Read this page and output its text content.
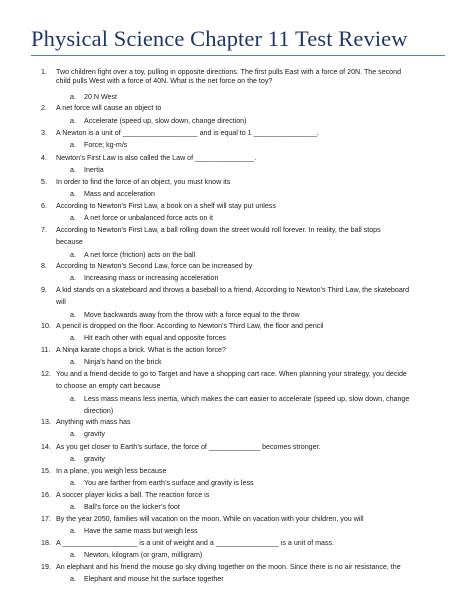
Physical Science Chapter 11 Test Review
1. Two children fight over a toy, pulling in opposite directions. The first pulls East with a force of 20N. The second
child pulls West with a force of 40N. What is the net force on the toy?
a. 20 N West
2. A net force will cause an object to
a. Accelerate (speed up, slow down, change direction)
3. A Newton is a unit of ___________________ and is equal to 1 ________________.
a. Force; kg-m/s
4. Newton’s First Law is also called the Law of _______________.
a. Inertia
5. In order to find the force of an object, you must know its
a. Mass and acceleration
6. According to Newton’s First Law, a book on a shelf will stay put unless
a. A net force or unbalanced force acts on it
7. According to Newton’s First Law, a ball rolling down the street would roll forever. In reality, the ball stops
because
a. A net force (friction) acts on the ball
8. According to Newton’s Second Law, force can be increased by
a. Increasing mass or increasing acceleration
9. A kid stands on a skateboard and throws a baseball to a friend. According to Newton’s Third Law, the skateboard
will
a. Move backwards away from the throw with a force equal to the throw
10. A pencil is dropped on the floor. According to Newton’s Third Law, the floor and pencil
a. Hit each other with equal and opposite forces
11. A Ninja karate chops a brick. What is the action force?
a. Ninja’s hand on the brick
12. You and a friend decide to go to Target and have a shopping cart race. When planning your strategy, you decide
to choose an empty cart because
a. Less mass means less inertia, which makes the cart easier to accelerate (speed up, slow down, change
direction)
13. Anything with mass has
a. gravity
14. As you get closer to Earth’s surface, the force of _____________ becomes stronger.
a. gravity
15. In a plane, you weigh less because
a. You are farther from earth’s surface and gravity is less
16. A soccer player kicks a ball. The reaction force is
a. Ball’s force on the kicker’s foot
17. By the year 2050, families will vacation on the moon. While on vacation with your children, you will
a. Have the same mass but weigh less
18. A ___________________ is a unit of weight and a ________________ is a unit of mass.
a. Newton, kilogram (or gram, milligram)
19. An elephant and his friend the mouse go sky diving together on the moon. Since there is no air resistance, the
a. Elephant and mouse hit the surface together
